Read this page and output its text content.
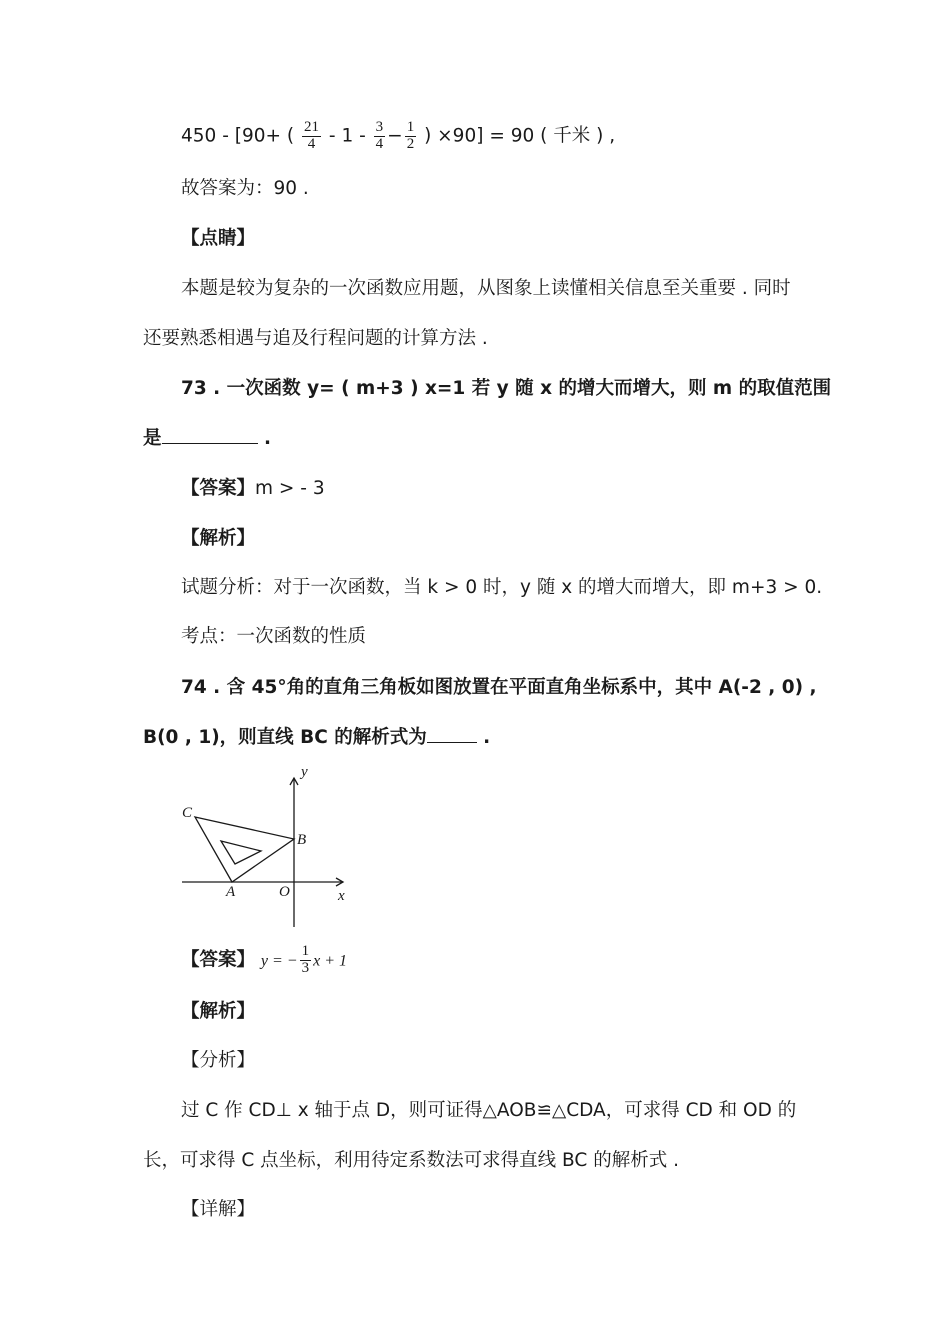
450 - [90+ ( $\frac{21}{4} - 1 - \frac{3}{4} - \frac{1}{2}$ ) ×90] = 90 ( 千米 ) ,
故答案为：90 .
【点睛】
本题是较为复杂的一次函数应用题，从图象上读懂相关信息至关重要 . 同时
还要熟悉相遇与追及行程问题的计算方法 .
73 . 一次函数 y= ( m+3 ) x=1 若 y 随 x 的增大而增大，则 m 的取值范围
是	.
【答案】m > - 3
【解析】
试题分析：对于一次函数，当 k > 0 时，y 随 x 的增大而增大，即 m+3 > 0.
考点：一次函数的性质
74 . 含 45°角的直角三角板如图放置在平面直角坐标系中，其中 A(-2 , 0) ,
B(0 , 1)，则直线 BC 的解析式为	.
y
C
B
A	O	x
【答案】 y = − $\frac{1}{3}$ x + 1
【解析】
【分析】
过 C 作 CD⊥ x 轴于点 D，则可证得△AOB≌△CDA，可求得 CD 和 OD 的
长，可求得 C 点坐标，利用待定系数法可求得直线 BC 的解析式 .
【详解】
